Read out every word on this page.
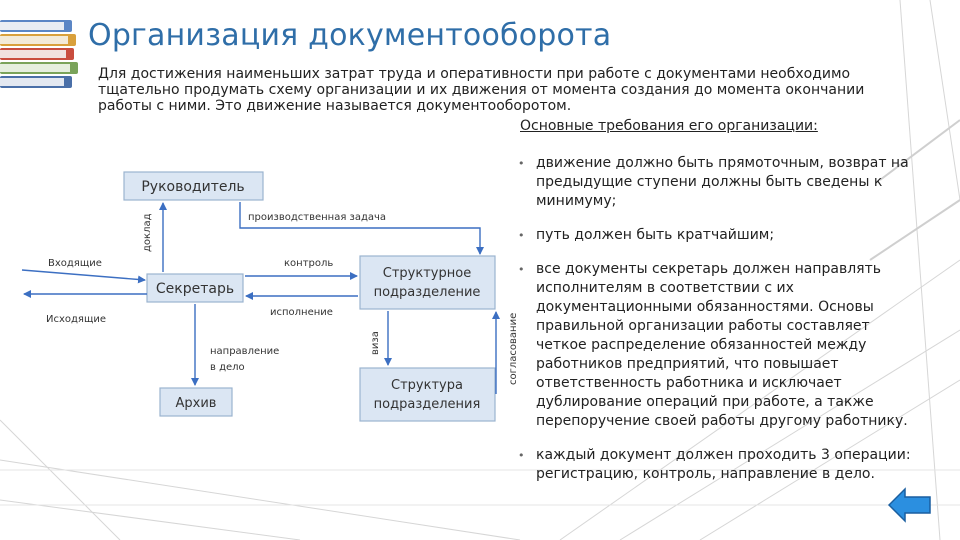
Организация документооборота

Для достижения наименьших затрат труда и оперативности при работе с документами необходимо тщательно продумать схему организации и их движения от момента создания до момента окончании работы с ними. Это движение называется документооборотом.

Основные требования его организации:

• движение должно быть прямоточным, возврат на предыдущие ступени должны быть сведены к минимуму;
• путь должен быть кратчайшим;
• все документы секретарь должен направлять исполнителям в соответствии с их документационными обязанностями. Основы правильной организации работы составляет четкое распределение обязанностей между работников предприятий, что повышает ответственность работника и исключает дублирование операций при работе, а также перепоручение своей работы другому работнику.
• каждый документ должен проходить 3 операции: регистрацию, контроль, направление в дело.
Руководитель
Секретарь
Структурное
подразделение
Структура
подразделения
Архив
Входящие
Исходящие
производственная задача
контроль
исполнение
направление
в дело
доклад
виза	согласование
